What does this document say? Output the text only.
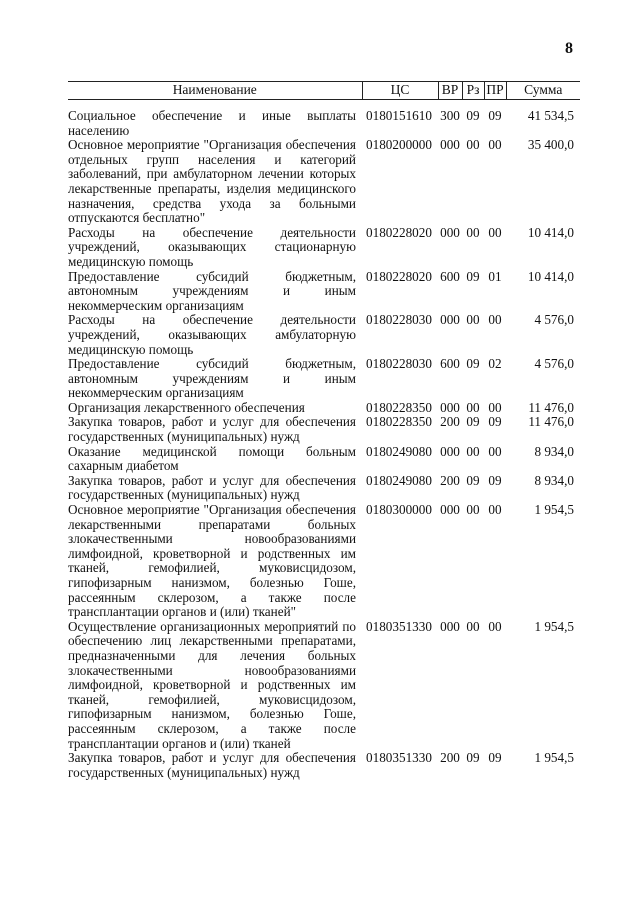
8
Наименование	ЦС	ВР	Рз	ПР	Сумма
Социальное обеспечение и иные выплаты населению	0180151610	300	09	09	41 534,5
Основное мероприятие "Организация обеспечения отдельных групп населения и категорий заболеваний, при амбулаторном лечении которых лекарственные препараты, изделия медицинского назначения, средства ухода за больными отпускаются бесплатно"	0180200000	000	00	00	35 400,0
Расходы на обеспечение деятельности учреждений, оказывающих стационарную медицинскую помощь	0180228020	000	00	00	10 414,0
Предоставление субсидий бюджетным, автономным учреждениям и иным некоммерческим организациям	0180228020	600	09	01	10 414,0
Расходы на обеспечение деятельности учреждений, оказывающих амбулаторную медицинскую помощь	0180228030	000	00	00	4 576,0
Предоставление субсидий бюджетным, автономным учреждениям и иным некоммерческим организациям	0180228030	600	09	02	4 576,0
Организация лекарственного обеспечения	0180228350	000	00	00	11 476,0
Закупка товаров, работ и услуг для обеспечения государственных (муниципальных) нужд	0180228350	200	09	09	11 476,0
Оказание медицинской помощи больным сахарным диабетом	0180249080	000	00	00	8 934,0
Закупка товаров, работ и услуг для обеспечения государственных (муниципальных) нужд	0180249080	200	09	09	8 934,0
Основное мероприятие "Организация обеспечения лекарственными препаратами больных злокачественными новообразованиями лимфоидной, кроветворной и родственных им тканей, гемофилией, муковисцидозом, гипофизарным нанизмом, болезнью Гоше, рассеянным склерозом, а также после трансплантации органов и (или) тканей"	0180300000	000	00	00	1 954,5
Осуществление организационных мероприятий по обеспечению лиц лекарственными препаратами, предназначенными для лечения больных злокачественными новообразованиями лимфоидной, кроветворной и родственных им тканей, гемофилией, муковисцидозом, гипофизарным нанизмом, болезнью Гоше, рассеянным склерозом, а также после трансплантации органов и (или) тканей	0180351330	000	00	00	1 954,5
Закупка товаров, работ и услуг для обеспечения государственных (муниципальных) нужд	0180351330	200	09	09	1 954,5
